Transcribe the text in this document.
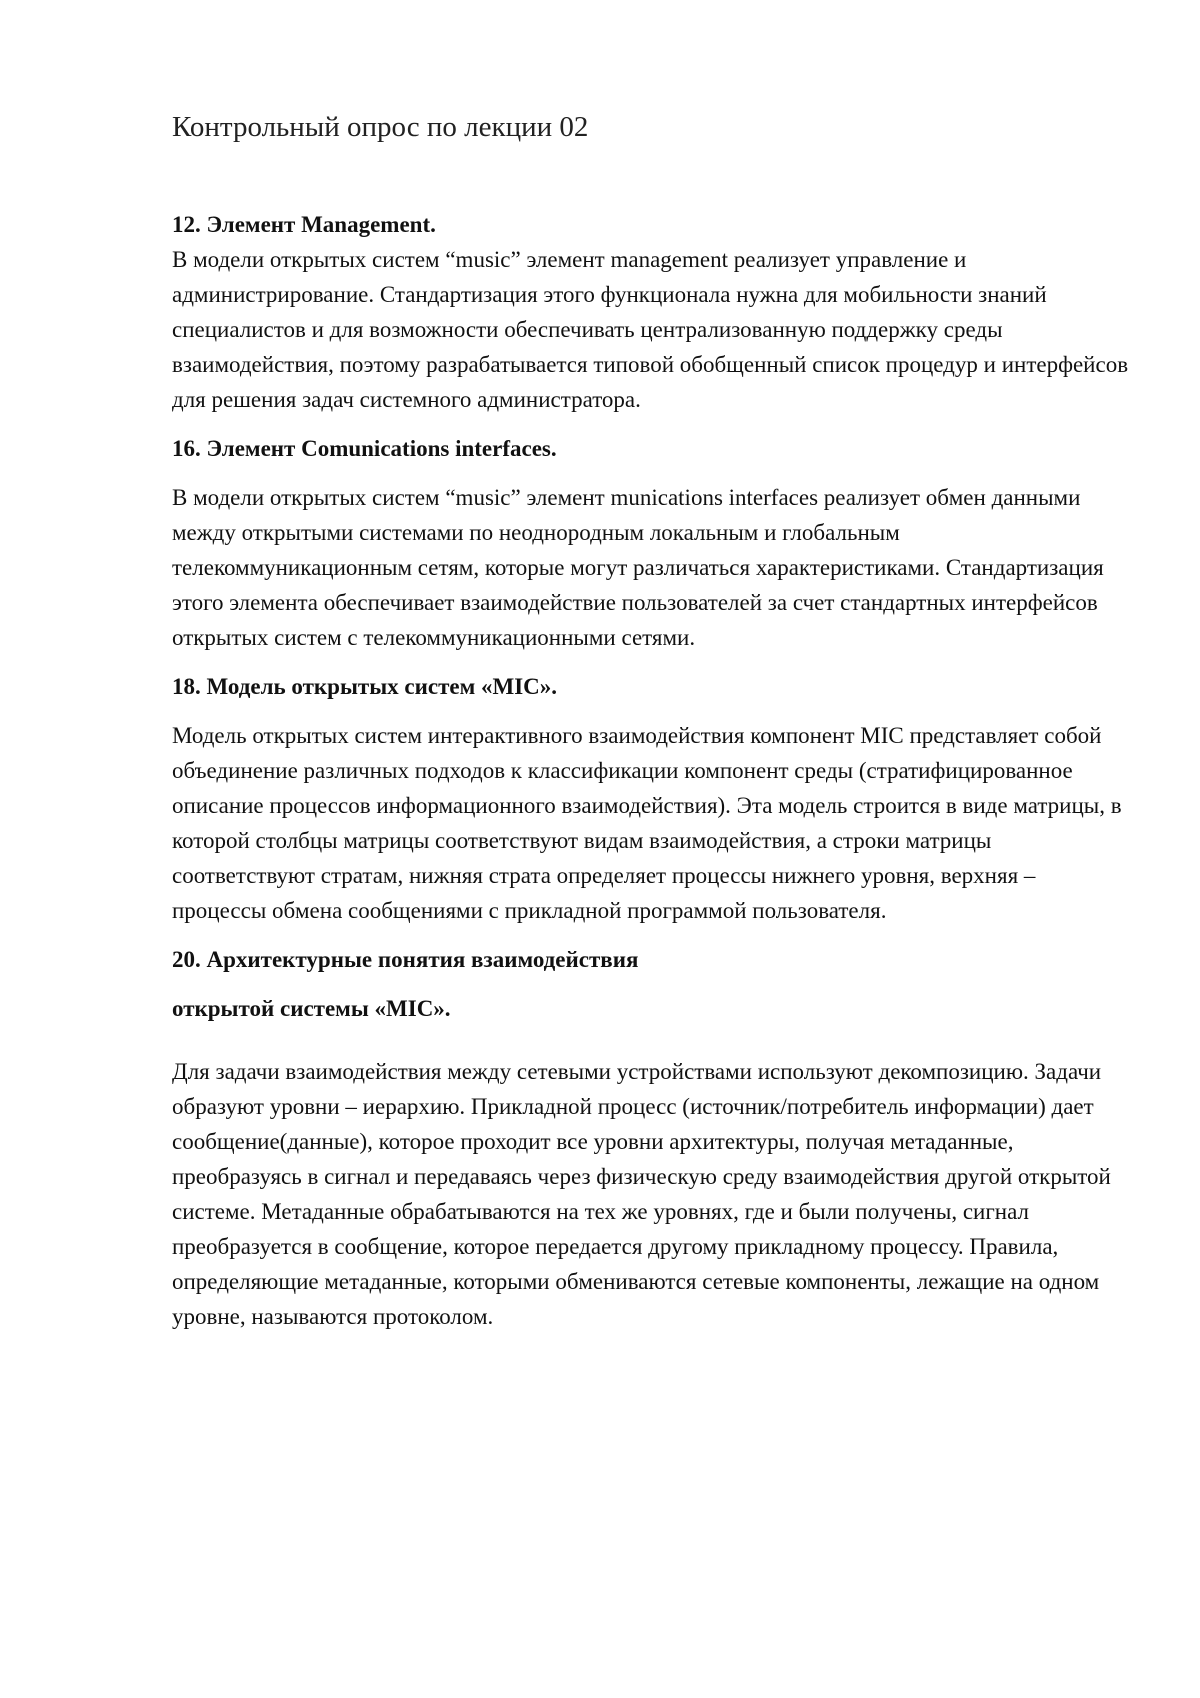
Контрольный опрос по лекции 02

12. Элемент Management.

В модели открытых систем “music” элемент management реализует управление и администрирование. Стандартизация этого функционала нужна для мобильности знаний специалистов и для возможности обеспечивать централизованную поддержку среды взаимодействия, поэтому разрабатывается типовой обобщенный список процедур и интерфейсов для решения задач системного администратора.

16. Элемент Comunications interfaces.

В модели открытых систем “music” элемент munications interfaces реализует обмен данными между открытыми системами по неоднородным локальным и глобальным телекоммуникационным сетям, которые могут различаться характеристиками. Стандартизация этого элемента обеспечивает взаимодействие пользователей за счет стандартных интерфейсов открытых систем с телекоммуникационными сетями.

18. Модель открытых систем «MIC».

Модель открытых систем интерактивного взаимодействия компонент MIC представляет собой объединение различных подходов к классификации компонент среды (стратифицированное описание процессов информационного взаимодействия). Эта модель строится в виде матрицы, в которой столбцы матрицы соответствуют видам взаимодействия, а строки матрицы соответствуют стратам, нижняя страта определяет процессы нижнего уровня, верхняя – процессы обмена сообщениями с прикладной программой пользователя.

20. Архитектурные понятия взаимодействия

открытой системы «MIC».

Для задачи взаимодействия между сетевыми устройствами используют декомпозицию. Задачи образуют уровни – иерархию. Прикладной процесс (источник/потребитель информации) дает сообщение(данные), которое проходит все уровни архитектуры, получая метаданные, преобразуясь в сигнал и передаваясь через физическую среду взаимодействия другой открытой системе. Метаданные обрабатываются на тех же уровнях, где и были получены, сигнал преобразуется в сообщение, которое передается другому прикладному процессу. Правила, определяющие метаданные, которыми обмениваются сетевые компоненты, лежащие на одном уровне, называются протоколом.
